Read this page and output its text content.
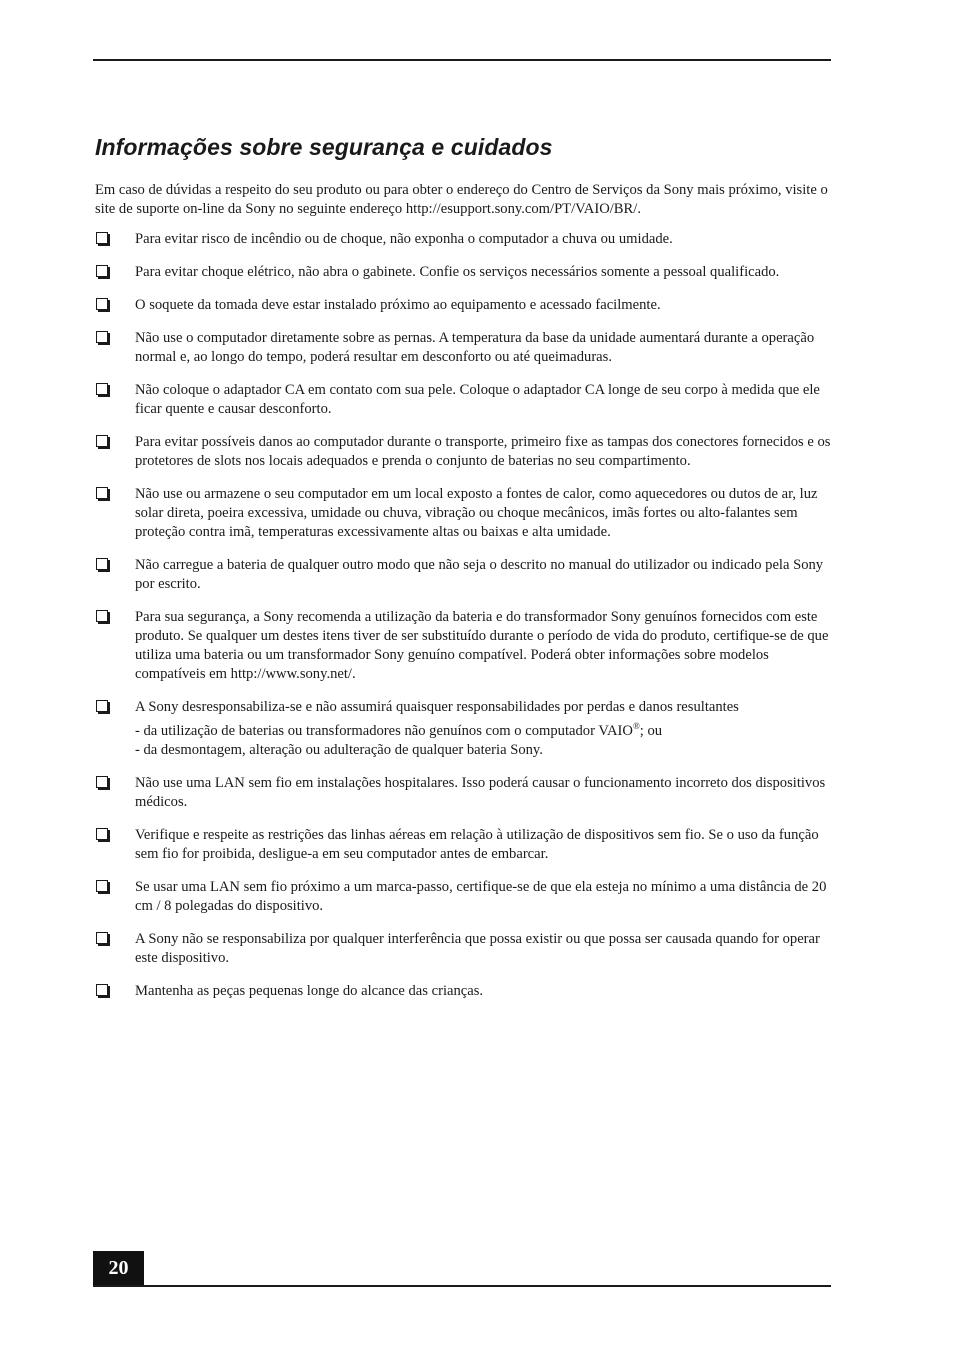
Informações sobre segurança e cuidados

Em caso de dúvidas a respeito do seu produto ou para obter o endereço do Centro de Serviços da Sony mais próximo, visite o site de suporte on-line da Sony no seguinte endereço http://esupport.sony.com/PT/VAIO/BR/.

Para evitar risco de incêndio ou de choque, não exponha o computador a chuva ou umidade.
Para evitar choque elétrico, não abra o gabinete. Confie os serviços necessários somente a pessoal qualificado.
O soquete da tomada deve estar instalado próximo ao equipamento e acessado facilmente.
Não use o computador diretamente sobre as pernas. A temperatura da base da unidade aumentará durante a operação normal e, ao longo do tempo, poderá resultar em desconforto ou até queimaduras.
Não coloque o adaptador CA em contato com sua pele. Coloque o adaptador CA longe de seu corpo à medida que ele ficar quente e causar desconforto.
Para evitar possíveis danos ao computador durante o transporte, primeiro fixe as tampas dos conectores fornecidos e os protetores de slots nos locais adequados e prenda o conjunto de baterias no seu compartimento.
Não use ou armazene o seu computador em um local exposto a fontes de calor, como aquecedores ou dutos de ar, luz solar direta, poeira excessiva, umidade ou chuva, vibração ou choque mecânicos, imãs fortes ou alto-falantes sem proteção contra imã, temperaturas excessivamente altas ou baixas e alta umidade.
Não carregue a bateria de qualquer outro modo que não seja o descrito no manual do utilizador ou indicado pela Sony por escrito.
Para sua segurança, a Sony recomenda a utilização da bateria e do transformador Sony genuínos fornecidos com este produto. Se qualquer um destes itens tiver de ser substituído durante o período de vida do produto, certifique-se de que utiliza uma bateria ou um transformador Sony genuíno compatível. Poderá obter informações sobre modelos compatíveis em http://www.sony.net/.
A Sony desresponsabiliza-se e não assumirá quaisquer responsabilidades por perdas e danos resultantes
- da utilização de baterias ou transformadores não genuínos com o computador VAIO®; ou
- da desmontagem, alteração ou adulteração de qualquer bateria Sony.
Não use uma LAN sem fio em instalações hospitalares. Isso poderá causar o funcionamento incorreto dos dispositivos médicos.
Verifique e respeite as restrições das linhas aéreas em relação à utilização de dispositivos sem fio. Se o uso da função sem fio for proibida, desligue-a em seu computador antes de embarcar.
Se usar uma LAN sem fio próximo a um marca-passo, certifique-se de que ela esteja no mínimo a uma distância de 20 cm / 8 polegadas do dispositivo.
A Sony não se responsabiliza por qualquer interferência que possa existir ou que possa ser causada quando for operar este dispositivo.
Mantenha as peças pequenas longe do alcance das crianças.
20
